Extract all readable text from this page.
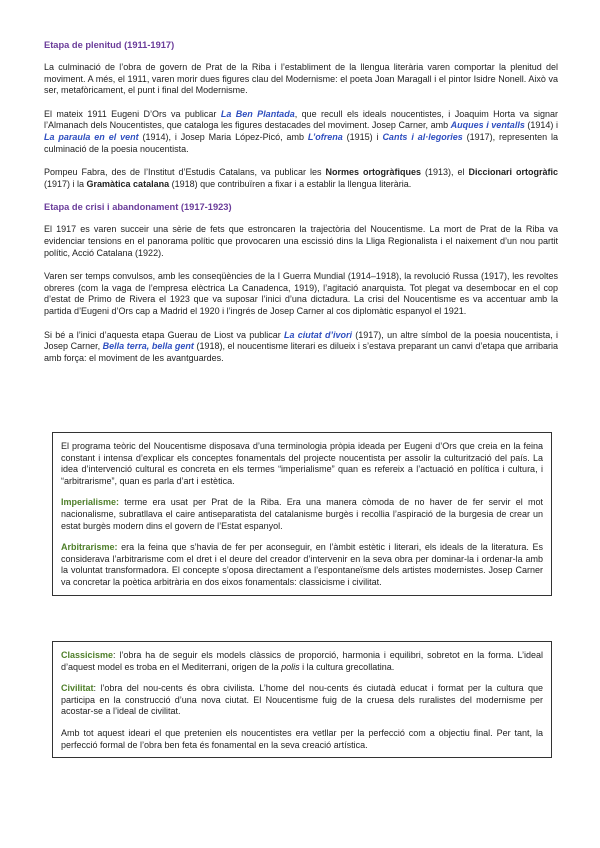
Etapa de plenitud (1911-1917)

La culminació de l’obra de govern de Prat de la Riba i l’establiment de la llengua literària varen comportar la plenitud del moviment. A més, el 1911, varen morir dues figures clau del Modernisme: el poeta Joan Maragall i el pintor Isidre Nonell. Això va ser, metafòricament, el punt i final del Modernisme.

El mateix 1911 Eugeni D’Ors va publicar La Ben Plantada, que recull els ideals noucentistes, i Joaquim Horta va signar l’Almanach dels Noucentistes, que cataloga les figures destacades del moviment. Josep Carner, amb Auques i ventalls (1914) i La paraula en el vent (1914), i Josep Maria López-Picó, amb L’ofrena (1915) i Cants i al·legories (1917), representen la culminació de la poesia noucentista.

Pompeu Fabra, des de l’Institut d’Estudis Catalans, va publicar les Normes ortogràfiques (1913), el Diccionari ortogràfic (1917) i la Gramàtica catalana (1918) que contribuïren a fixar i a establir la llengua literària.

Etapa de crisi i abandonament (1917-1923)

El 1917 es varen succeir una sèrie de fets que estroncaren la trajectòria del Noucentisme. La mort de Prat de la Riba va evidenciar tensions en el panorama polític que provocaren una escissió dins la Lliga Regionalista i el naixement d’un nou partit polític, Acció Catalana (1922).

Varen ser temps convulsos, amb les conseqüències de la I Guerra Mundial (1914–1918), la revolució Russa (1917), les revoltes obreres (com la vaga de l’empresa elèctrica La Canadenca, 1919), l’agitació anarquista. Tot plegat va desembocar en el cop d’estat de Primo de Rivera el 1923 que va suposar l’inici d’una dictadura. La crisi del Noucentisme es va accentuar amb la partida d’Eugeni d’Ors cap a Madrid el 1920 i l’ingrés de Josep Carner al cos diplomàtic espanyol el 1921.

Si bé a l’inici d’aquesta etapa Guerau de Liost va publicar La ciutat d’ivori (1917), un altre símbol de la poesia noucentista, i Josep Carner, Bella terra, bella gent (1918), el noucentisme literari es dilueix i s’estava preparant un canvi d’etapa que arribaria amb força: el moviment de les avantguardes.

El programa teòric del Noucentisme disposava d’una terminologia pròpia ideada per Eugeni d’Ors que creia en la feina constant i intensa d’explicar els conceptes fonamentals del projecte noucentista per assolir la culturització del país. La idea d’intervenció cultural es concreta en els termes “imperialisme” quan es refereix a l’actuació en política i cultura, i “arbitrarisme”, quan es parla d’art i estètica.

Imperialisme: terme era usat per Prat de la Riba. Era una manera còmoda de no haver de fer servir el mot nacionalisme, subratllava el caire antiseparatista del catalanisme burgès i recollia l’aspiració de la burgesia de crear un estat burgès modern dins el govern de l’Estat espanyol.

Arbitrarisme: era la feina que s’havia de fer per aconseguir, en l’àmbit estètic i literari, els ideals de la literatura. Es considerava l’arbitrarisme com el dret i el deure del creador d’intervenir en la seva obra per dominar-la i ordenar-la amb la voluntat transformadora. El concepte s’oposa directament a l’espontaneïsme dels artistes modernistes. Josep Carner va concretar la poètica arbitrària en dos eixos fonamentals: classicisme i civilitat.

Classicisme: l’obra ha de seguir els models clàssics de proporció, harmonia i equilibri, sobretot en la forma. L’ideal d’aquest model es troba en el Mediterrani, origen de la polis i la cultura grecollatina.

Civilitat: l’obra del nou-cents és obra civilista. L’home del nou-cents és ciutadà educat i format per la cultura que participa en la construcció d’una nova ciutat. El Noucentisme fuig de la cruesa dels ruralistes del modernisme per acostar-se a l’ideal de civilitat.

Amb tot aquest ideari el que pretenien els noucentistes era vetllar per la perfecció com a objectiu final. Per tant, la perfecció formal de l’obra ben feta és fonamental en la seva creació artística.
